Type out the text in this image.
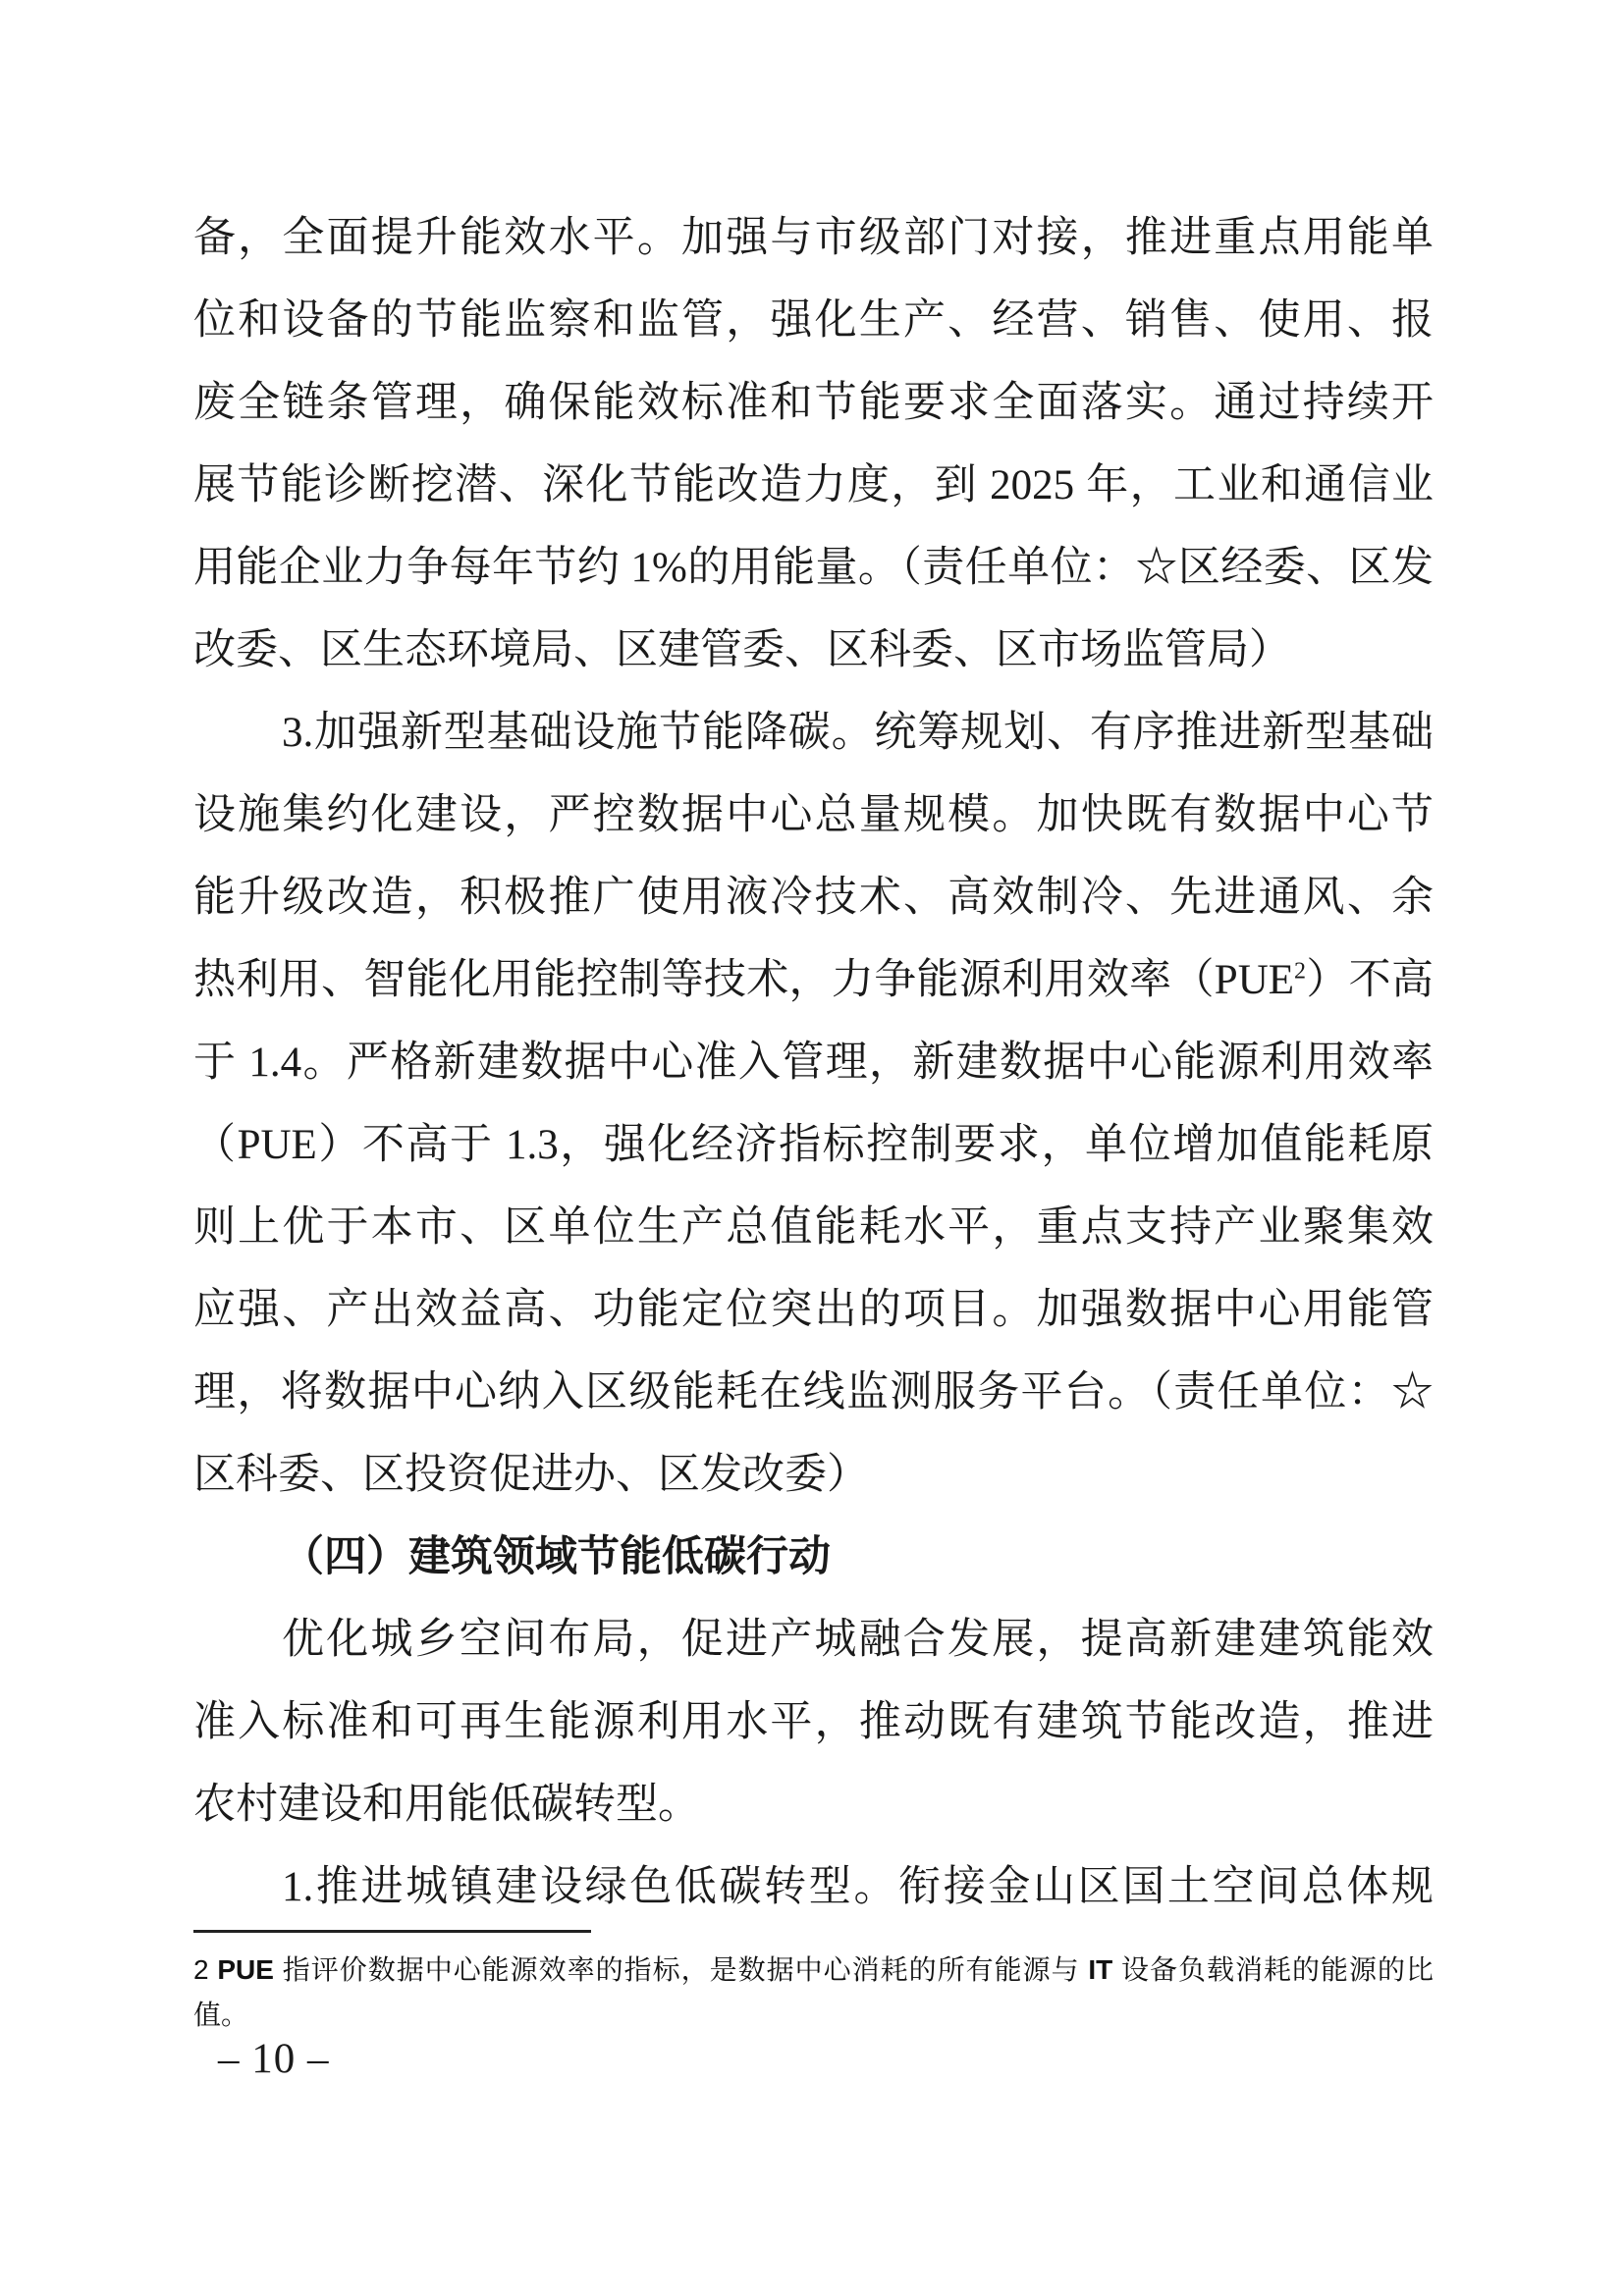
备，全面提升能效水平。加强与市级部门对接，推进重点用能单
位和设备的节能监察和监管，强化生产、经营、销售、使用、报
废全链条管理，确保能效标准和节能要求全面落实。通过持续开
展节能诊断挖潜、深化节能改造力度，到 2025 年，工业和通信业
用能企业力争每年节约 1%的用能量。（责任单位：☆区经委、区发
改委、区生态环境局、区建管委、区科委、区市场监管局）
3.加强新型基础设施节能降碳。统筹规划、有序推进新型基础
设施集约化建设，严控数据中心总量规模。加快既有数据中心节
能升级改造，积极推广使用液冷技术、高效制冷、先进通风、余
热利用、智能化用能控制等技术，力争能源利用效率（PUE$^2$）不高
于 1.4。严格新建数据中心准入管理，新建数据中心能源利用效率
（PUE）不高于 1.3，强化经济指标控制要求，单位增加值能耗原
则上优于本市、区单位生产总值能耗水平，重点支持产业聚集效
应强、产出效益高、功能定位突出的项目。加强数据中心用能管
理，将数据中心纳入区级能耗在线监测服务平台。（责任单位：☆
区科委、区投资促进办、区发改委）
（四）建筑领域节能低碳行动
优化城乡空间布局，促进产城融合发展，提高新建建筑能效
准入标准和可再生能源利用水平，推动既有建筑节能改造，推进
农村建设和用能低碳转型。
1.推进城镇建设绿色低碳转型。衔接金山区国土空间总体规
2 PUE 指评价数据中心能源效率的指标，是数据中心消耗的所有能源与 IT 设备负载消耗的能源的比
值。
– 10 –
